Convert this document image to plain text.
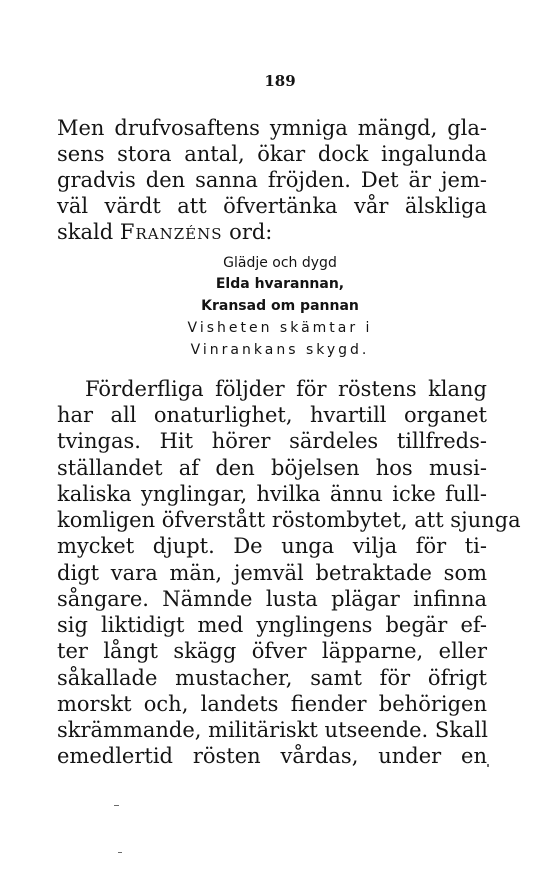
189
Men drufvosaftens ymniga mängd, gla-
sens stora antal, ökar dock ingalunda
gradvis den sanna fröjden. Det är jem-
väl värdt att öfvertänka vår älskliga
skald Franzéns ord:
Glädje och dygd
Elda hvarannan,
Kransad om pannan
Visheten skämtar i
Vinrankans skygd.
Förderfliga följder för röstens klang
har all onaturlighet, hvartill organet
tvingas. Hit hörer särdeles tillfreds-
ställandet af den böjelsen hos musi-
kaliska ynglingar, hvilka ännu icke full-
komligen öfverstått röstombytet, att sjunga
mycket djupt. De unga vilja för ti-
digt vara män, jemväl betraktade som
sångare. Nämnde lusta plägar infinna
sig liktidigt med ynglingens begär ef-
ter långt skägg öfver läpparne, eller
såkallade mustacher, samt för öfrigt
morskt och, landets fiender behörigen
skrämmande, militäriskt utseende. Skall
emedlertid rösten vårdas, under en
